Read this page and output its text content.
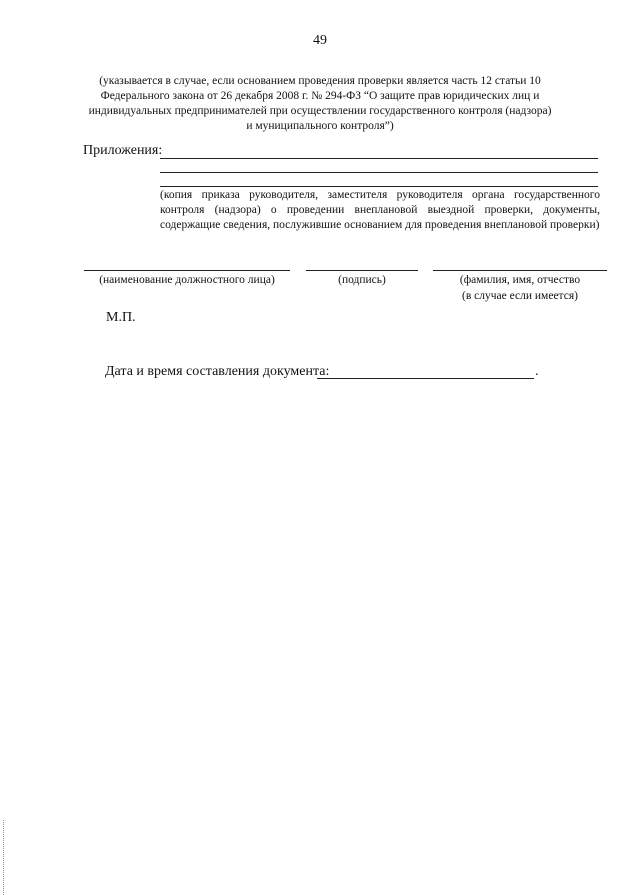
49
(указывается в случае, если основанием проведения проверки является часть 12 статьи 10
Федерального закона от 26 декабря 2008 г. № 294-ФЗ “О защите прав юридических лиц и
индивидуальных предпринимателей при осуществлении государственного контроля (надзора)
и муниципального контроля”)
Приложения:
(копия приказа руководителя, заместителя руководителя органа государственного контроля (надзора) о проведении внеплановой выездной проверки, документы, содержащие сведения, послужившие основанием для проведения внеплановой проверки)
(наименование должностного лица)	(подпись)	(фамилия, имя, отчество
(в случае если имеется)
М.П.
Дата и время составления документа:	.
